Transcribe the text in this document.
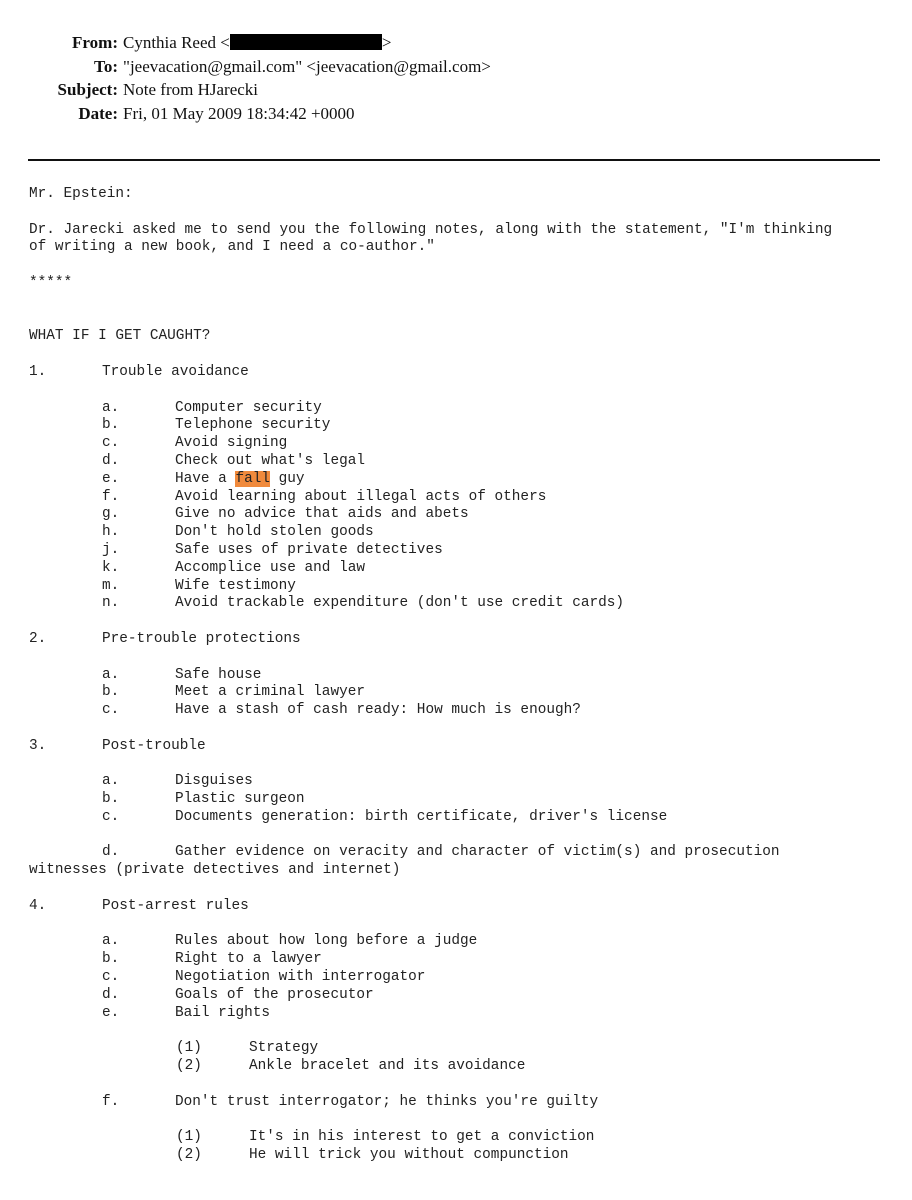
From: Cynthia Reed <	>
To: "jeevacation@gmail.com" <jeevacation@gmail.com>
Subject: Note from HJarecki
Date: Fri, 01 May 2009 18:34:42 +0000
Mr. Epstein:
Dr. Jarecki asked me to send you the following notes, along with the statement, "I'm thinking
of writing a new book, and I need a co-author."
*****
WHAT IF I GET CAUGHT?
1.	Trouble avoidance
a.	Computer security
b.	Telephone security
c.	Avoid signing
d.	Check out what's legal
e.	Have a fall guy
f.	Avoid learning about illegal acts of others
g.	Give no advice that aids and abets
h.	Don't hold stolen goods
j.	Safe uses of private detectives
k.	Accomplice use and law
m.	Wife testimony
n.	Avoid trackable expenditure (don't use credit cards)
2.	Pre-trouble protections
a.	Safe house
b.	Meet a criminal lawyer
c.	Have a stash of cash ready: How much is enough?
3.	Post-trouble
a.	Disguises
b.	Plastic surgeon
c.	Documents generation: birth certificate, driver's license
d.	Gather evidence on veracity and character of victim(s) and prosecution
witnesses (private detectives and internet)
4.	Post-arrest rules
a.	Rules about how long before a judge
b.	Right to a lawyer
c.	Negotiation with interrogator
d.	Goals of the prosecutor
e.	Bail rights
(1)	Strategy
(2)	Ankle bracelet and its avoidance
f.	Don't trust interrogator; he thinks you're guilty
(1)	It's in his interest to get a conviction
(2)	He will trick you without compunction
